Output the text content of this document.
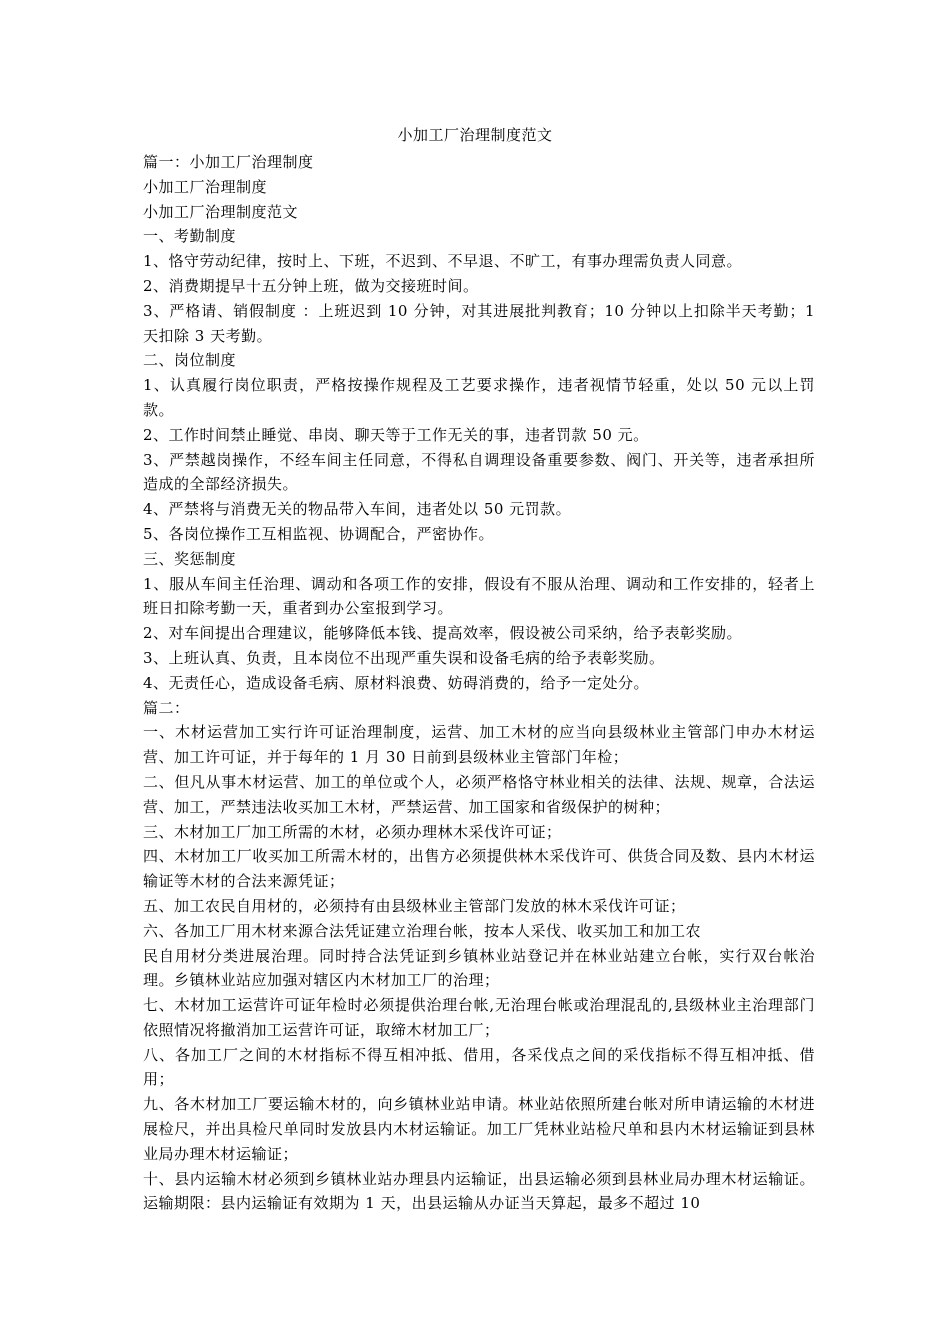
小加工厂治理制度范文
篇一：小加工厂治理制度
小加工厂治理制度
小加工厂治理制度范文
一、考勤制度
1、恪守劳动纪律，按时上、下班，不迟到、不早退、不旷工，有事办理需负责人同意。
2、消费期提早十五分钟上班，做为交接班时间。
3、严格请、销假制度 ：上班迟到 10 分钟，对其进展批判教育；10 分钟以上扣除半天考勤；1 天扣除 3 天考勤。
二、岗位制度
1、认真履行岗位职责，严格按操作规程及工艺要求操作，违者视情节轻重，处以 50 元以上罚款。
2、工作时间禁止睡觉、串岗、聊天等于工作无关的事，违者罚款 50 元。
3、严禁越岗操作，不经车间主任同意，不得私自调理设备重要参数、阀门、开关等，违者承担所造成的全部经济损失。
4、严禁将与消费无关的物品带入车间，违者处以 50 元罚款。
5、各岗位操作工互相监视、协调配合，严密协作。
三、奖惩制度
1、服从车间主任治理、调动和各项工作的安排，假设有不服从治理、调动和工作安排的，轻者上班日扣除考勤一天，重者到办公室报到学习。
2、对车间提出合理建议，能够降低本钱、提高效率，假设被公司采纳，给予表彰奖励。
3、上班认真、负责，且本岗位不出现严重失误和设备毛病的给予表彰奖励。
4、无责任心，造成设备毛病、原材料浪费、妨碍消费的，给予一定处分。
篇二：
一、木材运营加工实行许可证治理制度，运营、加工木材的应当向县级林业主管部门申办木材运营、加工许可证，并于每年的 1 月 30 日前到县级林业主管部门年检；
二、但凡从事木材运营、加工的单位或个人，必须严格恪守林业相关的法律、法规、规章，合法运营、加工，严禁违法收买加工木材，严禁运营、加工国家和省级保护的树种；
三、木材加工厂加工所需的木材，必须办理林木采伐许可证；
四、木材加工厂收买加工所需木材的，出售方必须提供林木采伐许可、供货合同及数、县内木材运输证等木材的合法来源凭证；
五、加工农民自用材的，必须持有由县级林业主管部门发放的林木采伐许可证；
六、各加工厂用木材来源合法凭证建立治理台帐，按本人采伐、收买加工和加工农
民自用材分类进展治理。同时持合法凭证到乡镇林业站登记并在林业站建立台帐，实行双台帐治理。乡镇林业站应加强对辖区内木材加工厂的治理；
七、木材加工运营许可证年检时必须提供治理台帐,无治理台帐或治理混乱的,县级林业主治理部门依照情况将撤消加工运营许可证，取缔木材加工厂；
八、各加工厂之间的木材指标不得互相冲抵、借用，各采伐点之间的采伐指标不得互相冲抵、借用；
九、各木材加工厂要运输木材的，向乡镇林业站申请。林业站依照所建台帐对所申请运输的木材进展检尺，并出具检尺单同时发放县内木材运输证。加工厂凭林业站检尺单和县内木材运输证到县林业局办理木材运输证；
十、县内运输木材必须到乡镇林业站办理县内运输证，出县运输必须到县林业局办理木材运输证。运输期限：县内运输证有效期为 1 天，出县运输从办证当天算起，最多不超过 10
